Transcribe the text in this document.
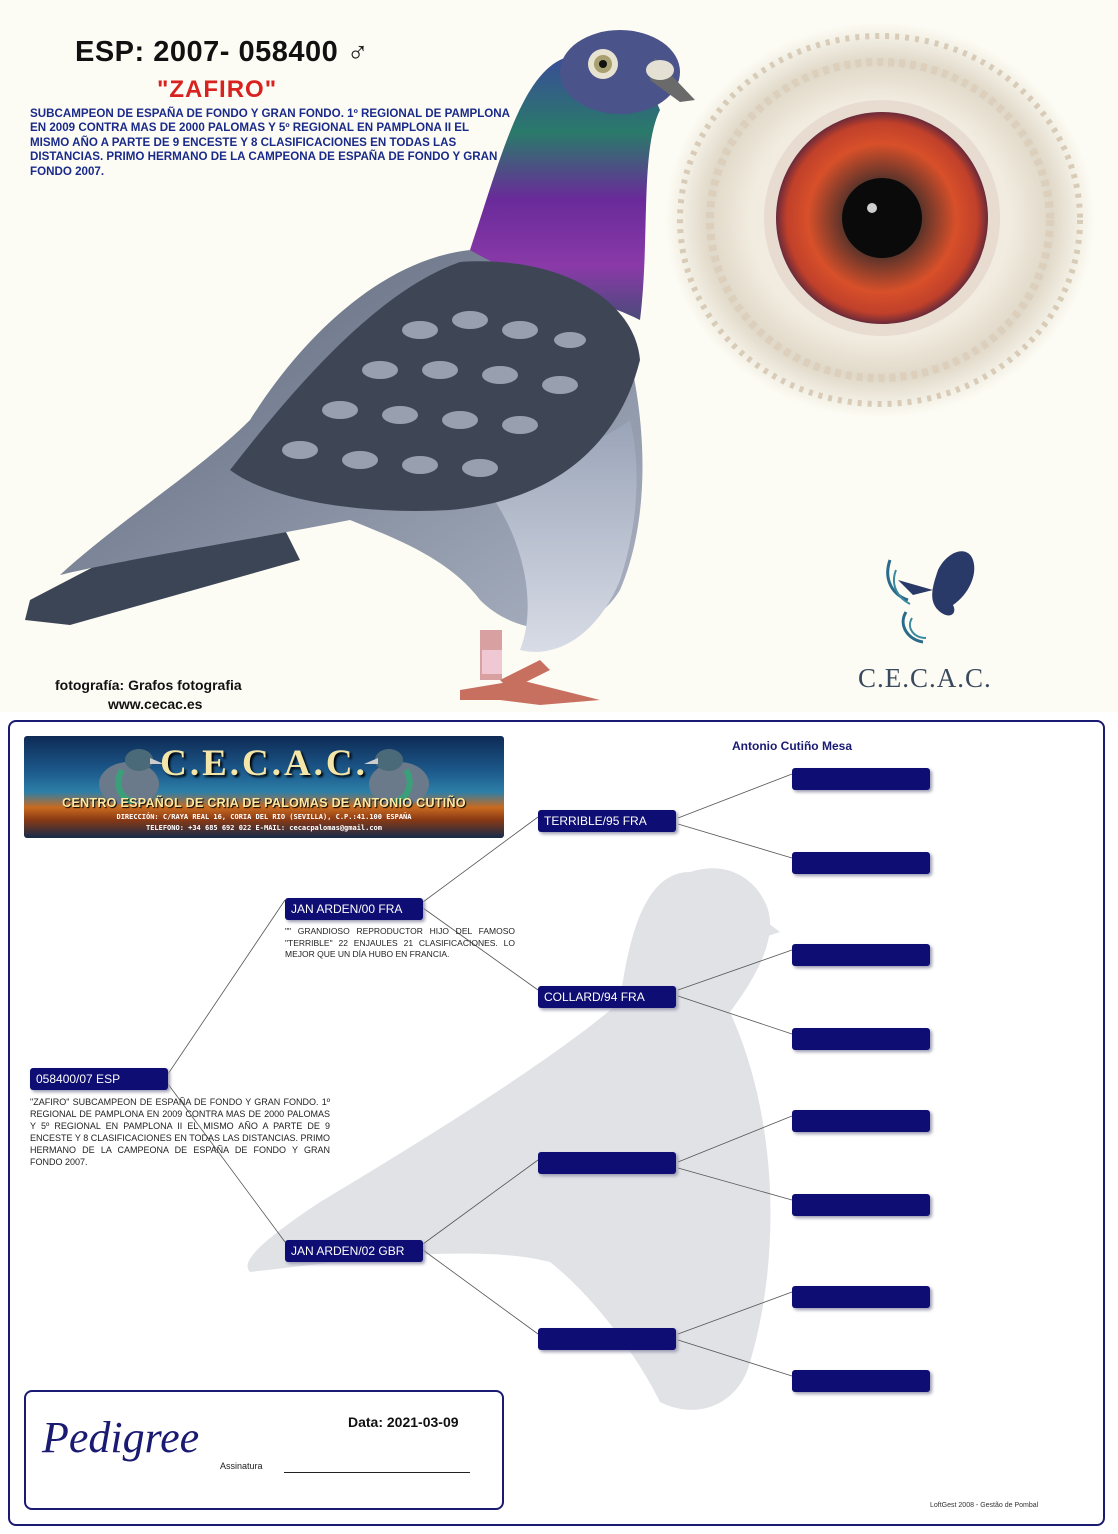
ESP: 2007- 058400 ♂
"ZAFIRO"
SUBCAMPEON DE ESPAÑA DE FONDO Y GRAN FONDO. 1º REGIONAL DE PAMPLONA EN 2009 CONTRA MAS DE 2000 PALOMAS Y 5º REGIONAL EN PAMPLONA II EL MISMO AÑO A PARTE DE 9 ENCESTE Y 8 CLASIFICACIONES EN TODAS LAS DISTANCIAS. PRIMO HERMANO DE LA CAMPEONA DE ESPAÑA DE FONDO Y GRAN FONDO 2007.
fotografía: Grafos fotografia
www.cecac.es
C.E.C.A.C.
C.E.C.A.C.
CENTRO ESPAÑOL DE CRIA DE PALOMAS DE ANTONIO CUTIÑO
DIRECCIÓN: C/RAYA REAL 16, CORIA DEL RIO (SEVILLA), C.P.:41.100 ESPAÑA
TELEFONO: +34 685 692 022 E-MAIL: cecacpalomas@gmail.com
Antonio Cutiño Mesa
058400/07 ESP
"ZAFIRO" SUBCAMPEON DE ESPAÑA DE FONDO Y GRAN FONDO. 1º REGIONAL DE PAMPLONA EN 2009 CONTRA MAS DE 2000 PALOMAS Y 5º REGIONAL EN PAMPLONA II EL MISMO AÑO A PARTE DE 9 ENCESTE Y 8 CLASIFICACIONES EN TODAS LAS DISTANCIAS. PRIMO HERMANO DE LA CAMPEONA DE ESPAÑA DE FONDO Y GRAN FONDO 2007.
JAN ARDEN/00 FRA
"" GRANDIOSO REPRODUCTOR HIJO DEL FAMOSO "TERRIBLE" 22 ENJAULES 21 CLASIFICACIONES. LO MEJOR QUE UN DÍA HUBO EN FRANCIA.
JAN ARDEN/02 GBR
TERRIBLE/95 FRA
COLLARD/94 FRA
Pedigree	Data: 2021-03-09
Assinatura
LoftGest 2008 - Gestão de Pombal
